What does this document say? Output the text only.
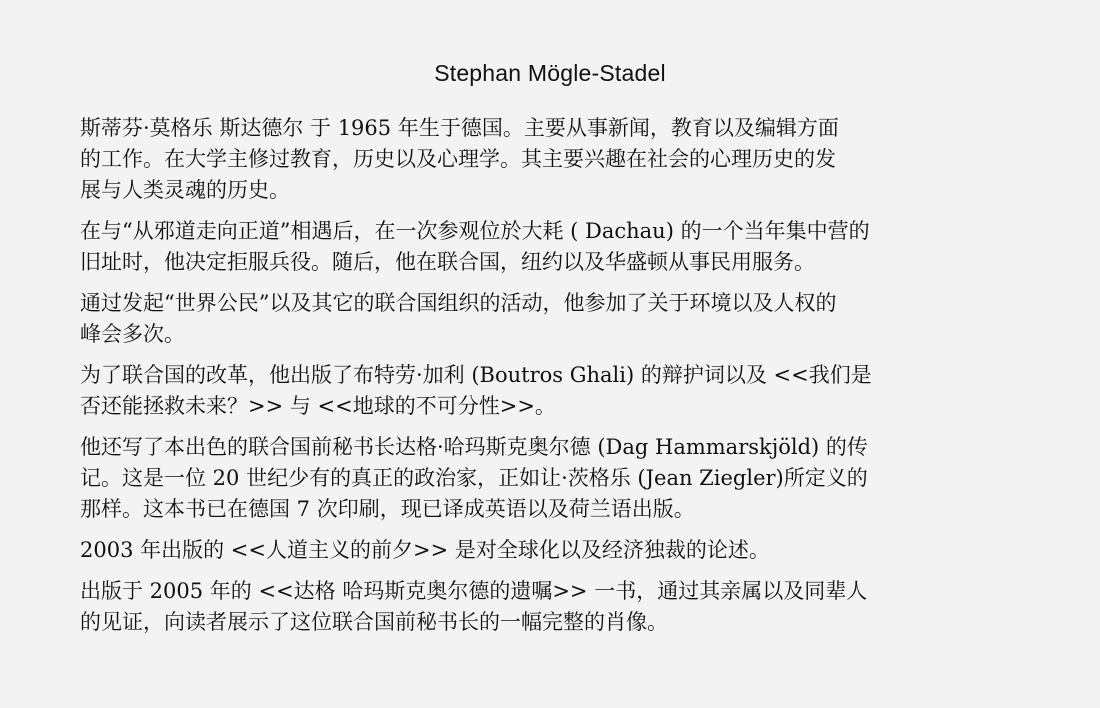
Stephan Mögle-Stadel

斯蒂芬·莫格乐 斯达德尔 于 1965 年生于德国。主要从事新闻，教育以及编辑方面
的工作。在大学主修过教育，历史以及心理学。其主要兴趣在社会的心理历史的发
展与人类灵魂的历史。

在与“从邪道走向正道”相遇后，在一次参观位於大耗 ( Dachau) 的一个当年集中营的
旧址时，他决定拒服兵役。随后，他在联合国，纽约以及华盛顿从事民用服务。

通过发起“世界公民”以及其它的联合国组织的活动，他参加了关于环境以及人权的
峰会多次。

为了联合国的改革，他出版了布特劳·加利 (Boutros Ghali) 的辩护词以及 <<我们是
否还能拯救未来？>> 与 <<地球的不可分性>>。

他还写了本出色的联合国前秘书长达格·哈玛斯克奥尔德 (Dag Hammarskjöld) 的传
记。这是一位 20 世纪少有的真正的政治家，正如让·茨格乐 (Jean Ziegler)所定义的
那样。这本书已在德国 7 次印刷，现已译成英语以及荷兰语出版。

2003 年出版的 <<人道主义的前夕>> 是对全球化以及经济独裁的论述。

出版于 2005 年的 <<达格 哈玛斯克奥尔德的遗嘱>> 一书，通过其亲属以及同辈人
的见证，向读者展示了这位联合国前秘书长的一幅完整的肖像。
